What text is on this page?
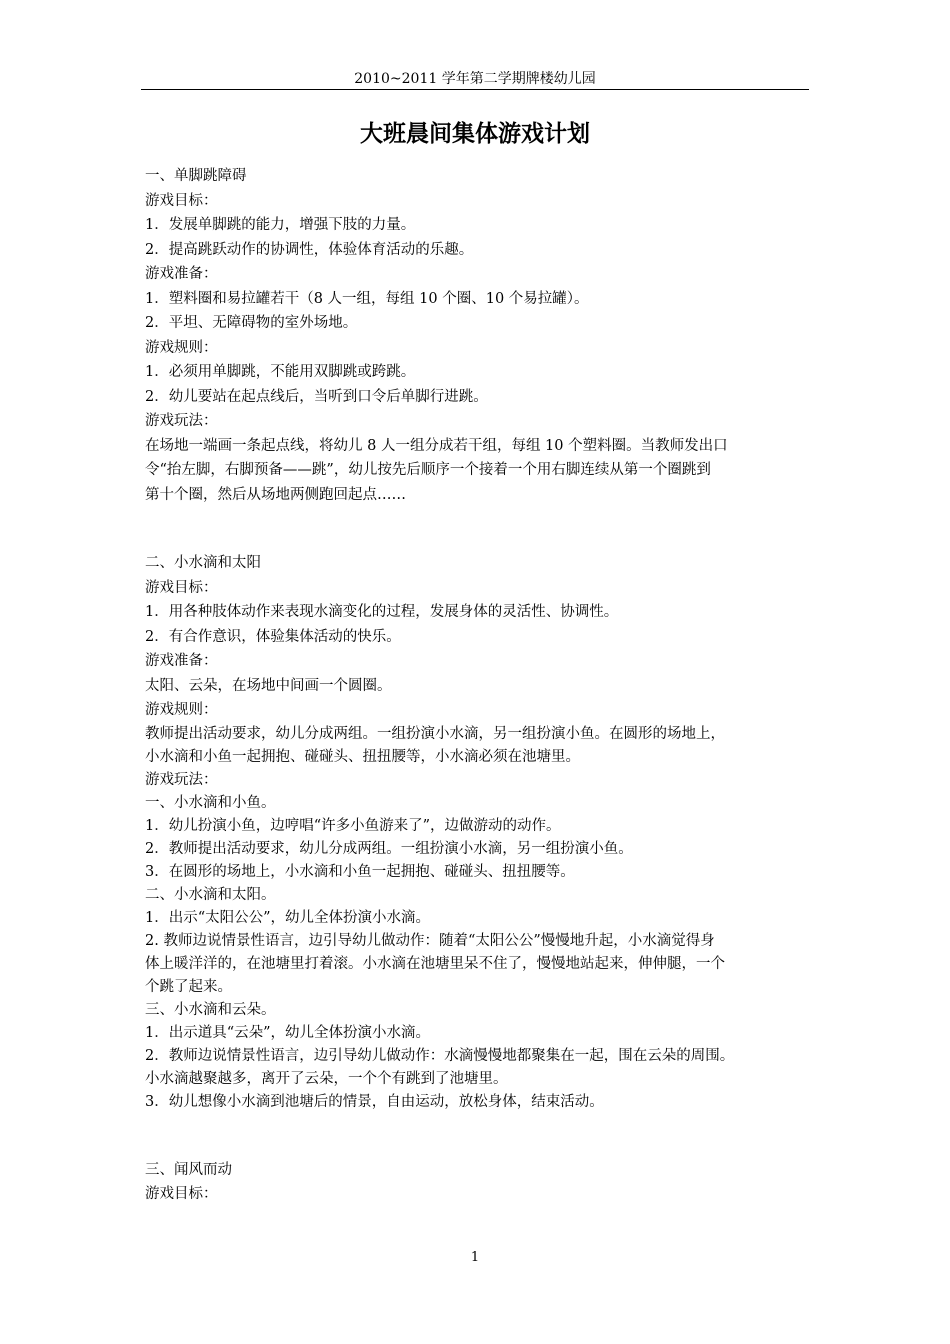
2010~2011 学年第二学期牌楼幼儿园
大班晨间集体游戏计划
一、单脚跳障碍
游戏目标：
1．发展单脚跳的能力，增强下肢的力量。
2．提高跳跃动作的协调性，体验体育活动的乐趣。
游戏准备：
1．塑料圈和易拉罐若干（8 人一组，每组 10 个圈、10 个易拉罐）。
2．平坦、无障碍物的室外场地。
游戏规则：
1．必须用单脚跳，不能用双脚跳或跨跳。
2．幼儿要站在起点线后，当听到口令后单脚行进跳。
游戏玩法：
在场地一端画一条起点线，将幼儿 8 人一组分成若干组，每组 10 个塑料圈。当教师发出口
令“抬左脚，右脚预备——跳”，幼儿按先后顺序一个接着一个用右脚连续从第一个圈跳到
第十个圈，然后从场地两侧跑回起点……
二、小水滴和太阳
游戏目标：
1．用各种肢体动作来表现水滴变化的过程，发展身体的灵活性、协调性。
2．有合作意识，体验集体活动的快乐。
游戏准备：
太阳、云朵，在场地中间画一个圆圈。
游戏规则：
教师提出活动要求，幼儿分成两组。一组扮演小水滴，另一组扮演小鱼。在圆形的场地上，
小水滴和小鱼一起拥抱、碰碰头、扭扭腰等，小水滴必须在池塘里。
游戏玩法：
一、小水滴和小鱼。
1．幼儿扮演小鱼，边哼唱“许多小鱼游来了”，边做游动的动作。
2．教师提出活动要求，幼儿分成两组。一组扮演小水滴，另一组扮演小鱼。
3．在圆形的场地上，小水滴和小鱼一起拥抱、碰碰头、扭扭腰等。
二、小水滴和太阳。
1．出示“太阳公公”，幼儿全体扮演小水滴。
2. 教师边说情景性语言，边引导幼儿做动作：随着“太阳公公”慢慢地升起，小水滴觉得身
体上暖洋洋的，在池塘里打着滚。小水滴在池塘里呆不住了，慢慢地站起来，伸伸腿，一个
个跳了起来。
三、小水滴和云朵。
1．出示道具“云朵”，幼儿全体扮演小水滴。
2．教师边说情景性语言，边引导幼儿做动作：水滴慢慢地都聚集在一起，围在云朵的周围。
小水滴越聚越多，离开了云朵，一个个有跳到了池塘里。
3．幼儿想像小水滴到池塘后的情景，自由运动，放松身体，结束活动。
三、闻风而动
游戏目标：
1
